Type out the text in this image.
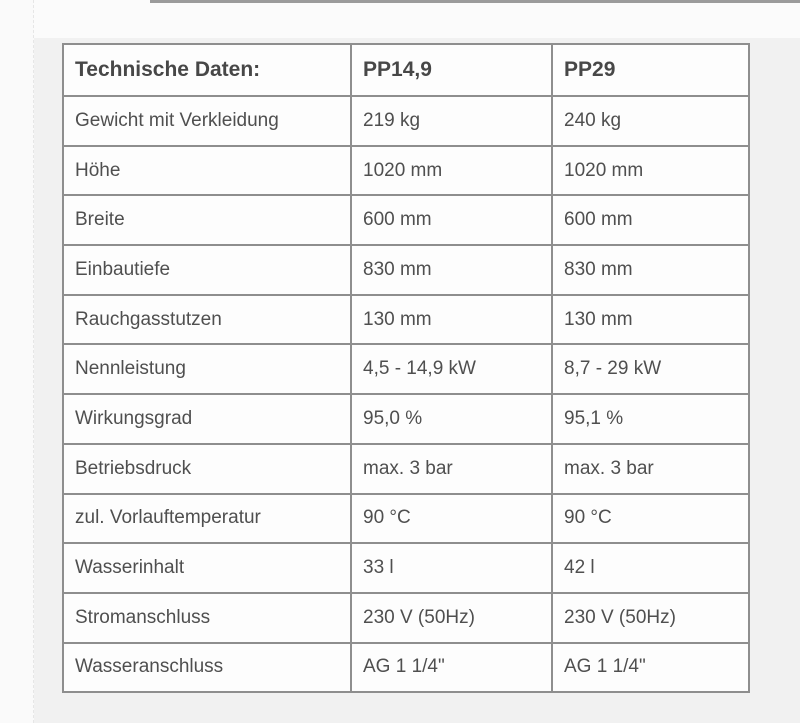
Technische Daten:	PP14,9	PP29
Gewicht mit Verkleidung	219 kg	240 kg
Höhe	1020 mm	1020 mm
Breite	600 mm	600 mm
Einbautiefe	830 mm	830 mm
Rauchgasstutzen	130 mm	130 mm
Nennleistung	4,5 - 14,9 kW	8,7 - 29 kW
Wirkungsgrad	95,0 %	95,1 %
Betriebsdruck	max. 3 bar	max. 3 bar
zul. Vorlauftemperatur	90 °C	90 °C
Wasserinhalt	33 l	42 l
Stromanschluss	230 V (50Hz)	230 V (50Hz)
Wasseranschluss	AG 1 1/4"	AG 1 1/4"
